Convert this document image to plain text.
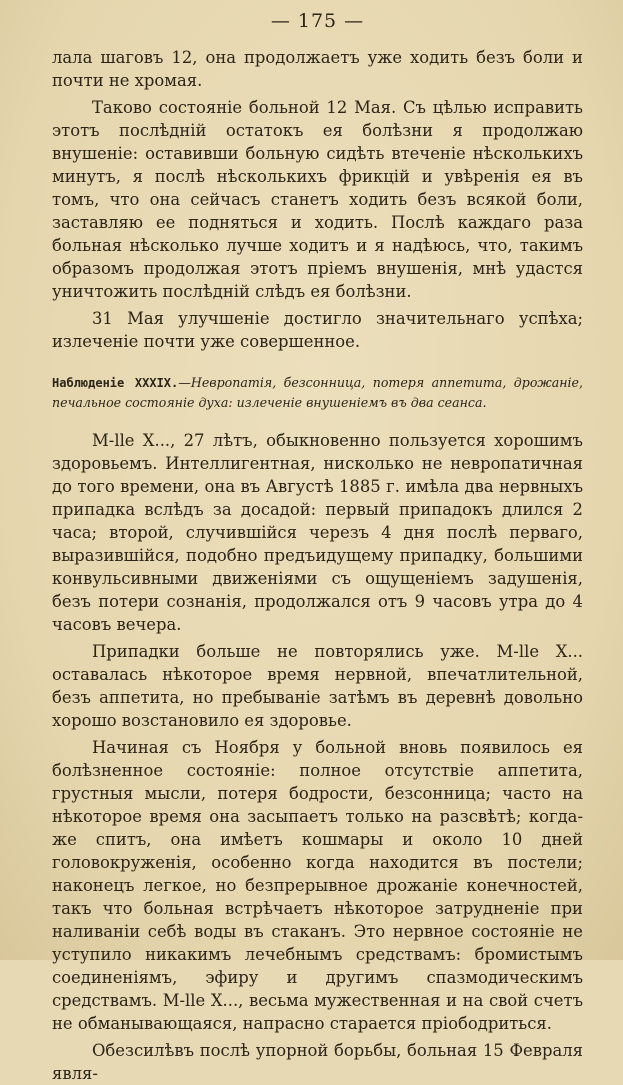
— 175 —

лала шаговъ 12, она продолжаетъ уже ходить безъ боли и почти не хромая.

Таково состояніе больной 12 Мая. Съ цѣлью исправить этотъ послѣдній остатокъ ея болѣзни я продолжаю внушеніе: оставивши больную сидѣть втеченіе нѣсколькихъ минутъ, я послѣ нѣсколькихъ фрикцій и увѣренія ея въ томъ, что она сейчасъ станетъ ходить безъ всякой боли, заставляю ее подняться и ходить. Послѣ каждаго раза больная нѣсколько лучше ходитъ и я надѣюсь, что, такимъ образомъ продолжая этотъ пріемъ внушенія, мнѣ удастся уничтожить послѣдній слѣдъ ея болѣзни.

31 Мая улучшеніе достигло значительнаго успѣха; излеченіе почти уже совершенное.

Наблюденіе XXXIX.—Невропатія, безсонница, потеря аппетита, дрожаніе, печальное состояніе духа: излеченіе внушеніемъ въ два сеанса.

M-lle X..., 27 лѣтъ, обыкновенно пользуется хорошимъ здоровьемъ. Интеллигентная, нисколько не невропатичная до того времени, она въ Августѣ 1885 г. имѣла два нервныхъ припадка вслѣдъ за досадой: первый припадокъ длился 2 часа; второй, случившійся черезъ 4 дня послѣ перваго, выразившійся, подобно предъидущему припадку, большими конвульсивными движеніями съ ощущеніемъ задушенія, безъ потери сознанія, продолжался отъ 9 часовъ утра до 4 часовъ вечера.

Припадки больше не повторялись уже. M-lle X... оставалась нѣкоторое время нервной, впечатлительной, безъ аппетита, но пребываніе затѣмъ въ деревнѣ довольно хорошо возстановило ея здоровье.

Начиная съ Ноября у больной вновь появилось ея болѣзненное состояніе: полное отсутствіе аппетита, грустныя мысли, потеря бодрости, безсонница; часто на нѣкоторое время она засыпаетъ только на разсвѣтѣ; когда-же спитъ, она имѣетъ кошмары и около 10 дней головокруженія, особенно когда находится въ постели; наконецъ легкое, но безпрерывное дрожаніе конечностей, такъ что больная встрѣчаетъ нѣкоторое затрудненіе при наливаніи себѣ воды въ стаканъ. Это нервное состояніе не уступило никакимъ лечебнымъ средствамъ: бромистымъ соединеніямъ, эфиру и другимъ спазмодическимъ средствамъ. M-lle X..., весьма мужественная и на свой счетъ не обманывающаяся, напрасно старается пріободриться.

Обезсилѣвъ послѣ упорной борьбы, больная 15 Февраля явля-
